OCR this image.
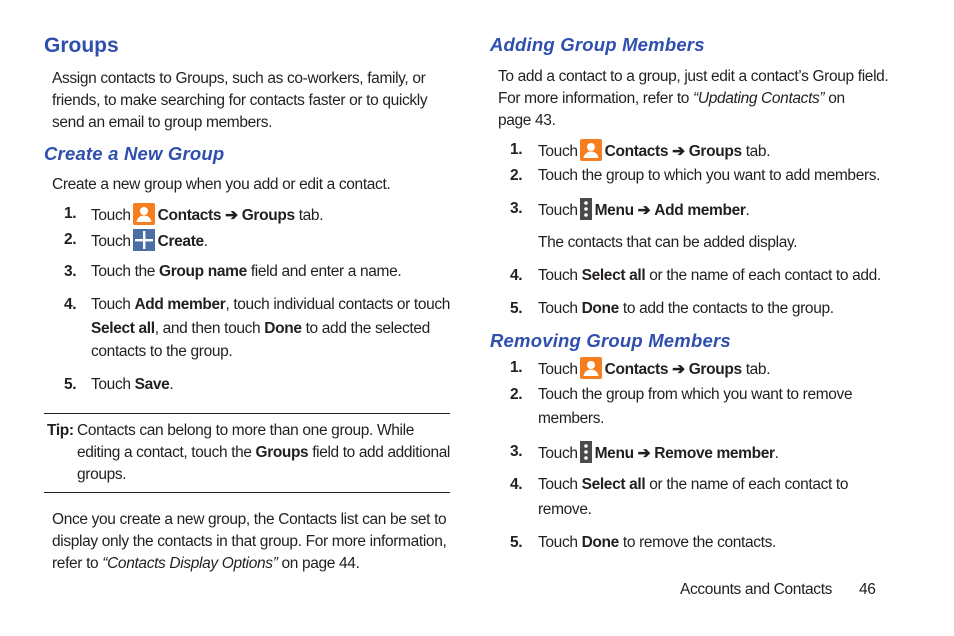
Groups
Assign contacts to Groups, such as co-workers, family, or
friends, to make searching for contacts faster or to quickly
send an email to group members.
Create a New Group
Create a new group when you add or edit a contact.
1. Touch Contacts ➔ Groups tab.
2. Touch Create.
3. Touch the Group name field and enter a name.
4. Touch Add member, touch individual contacts or touch
Select all, and then touch Done to add the selected
contacts to the group.
5. Touch Save.
Tip: Contacts can belong to more than one group. While
editing a contact, touch the Groups field to add additional
groups.
Once you create a new group, the Contacts list can be set to
display only the contacts in that group. For more information,
refer to “Contacts Display Options” on page 44.
Adding Group Members
To add a contact to a group, just edit a contact’s Group field.
For more information, refer to “Updating Contacts” on
page 43.
1. Touch Contacts ➔ Groups tab.
2. Touch the group to which you want to add members.
3. Touch Menu ➔ Add member.
The contacts that can be added display.
4. Touch Select all or the name of each contact to add.
5. Touch Done to add the contacts to the group.
Removing Group Members
1. Touch Contacts ➔ Groups tab.
2. Touch the group from which you want to remove
members.
3. Touch Menu ➔ Remove member.
4. Touch Select all or the name of each contact to
remove.
5. Touch Done to remove the contacts.
Accounts and Contacts 46
